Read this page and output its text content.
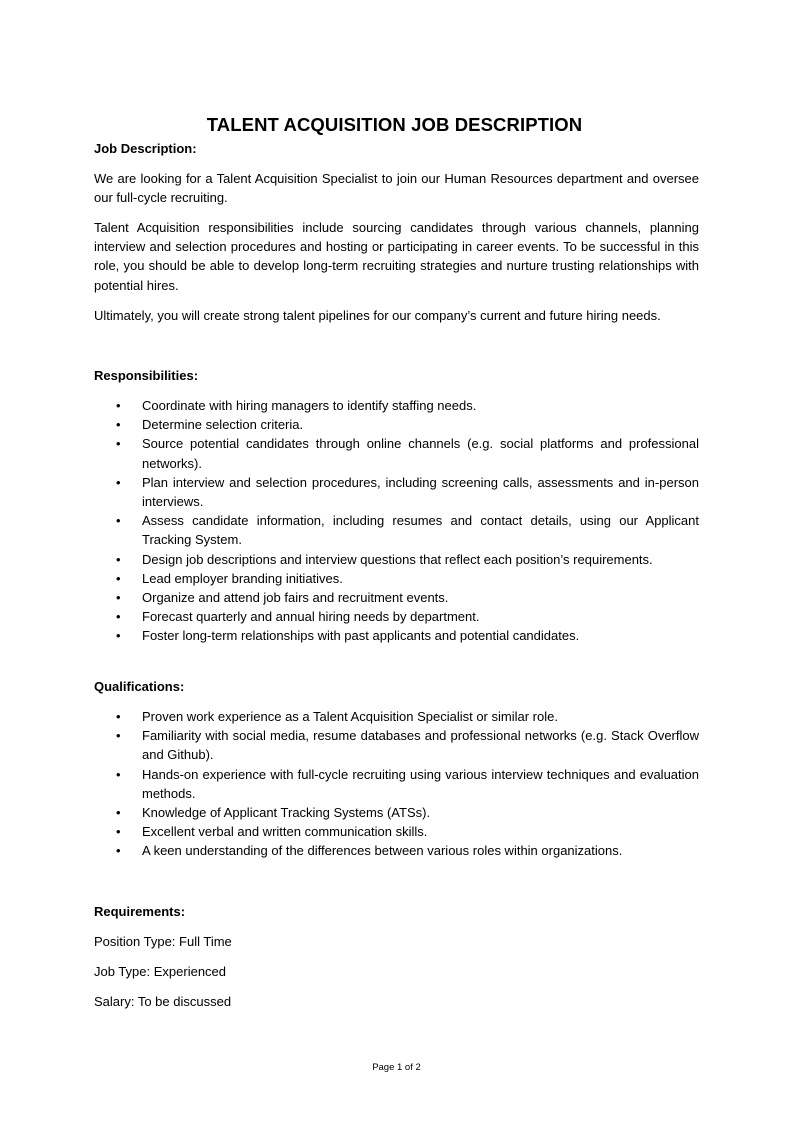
TALENT ACQUISITION JOB DESCRIPTION
Job Description:
We are looking for a Talent Acquisition Specialist to join our Human Resources department and oversee our full-cycle recruiting.
Talent Acquisition responsibilities include sourcing candidates through various channels, planning interview and selection procedures and hosting or participating in career events. To be successful in this role, you should be able to develop long-term recruiting strategies and nurture trusting relationships with potential hires.
Ultimately, you will create strong talent pipelines for our company’s current and future hiring needs.
Responsibilities:
• Coordinate with hiring managers to identify staffing needs.
• Determine selection criteria.
• Source potential candidates through online channels (e.g. social platforms and professional networks).
• Plan interview and selection procedures, including screening calls, assessments and in-person interviews.
• Assess candidate information, including resumes and contact details, using our Applicant Tracking System.
• Design job descriptions and interview questions that reflect each position’s requirements.
• Lead employer branding initiatives.
• Organize and attend job fairs and recruitment events.
• Forecast quarterly and annual hiring needs by department.
• Foster long-term relationships with past applicants and potential candidates.
Qualifications:
• Proven work experience as a Talent Acquisition Specialist or similar role.
• Familiarity with social media, resume databases and professional networks (e.g. Stack Overflow and Github).
• Hands-on experience with full-cycle recruiting using various interview techniques and evaluation methods.
• Knowledge of Applicant Tracking Systems (ATSs).
• Excellent verbal and written communication skills.
• A keen understanding of the differences between various roles within organizations.
Requirements:
Position Type: Full Time
Job Type: Experienced
Salary: To be discussed
Page 1 of 2
